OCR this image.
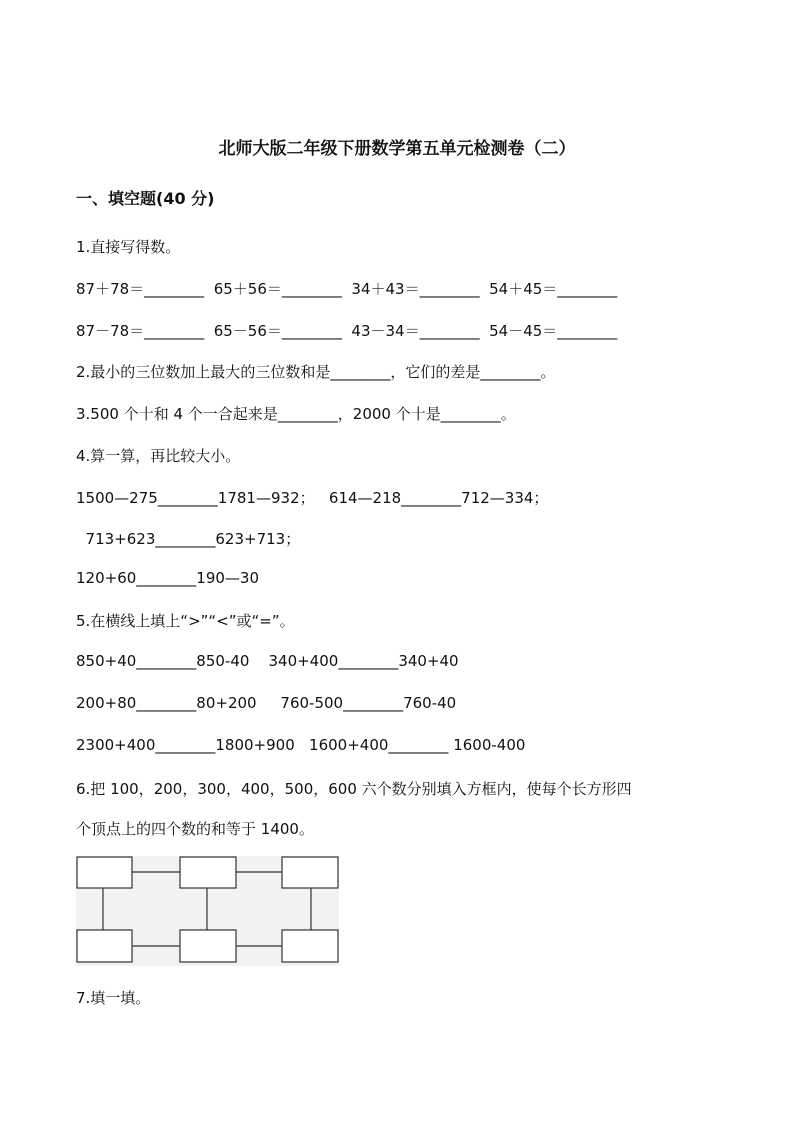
北师大版二年级下册数学第五单元检测卷（二）
一、填空题(40 分)
1.直接写得数。
87＋78＝________  65＋56＝________  34＋43＝________  54＋45＝________
87－78＝________  65－56＝________  43－34＝________  54－45＝________
2.最小的三位数加上最大的三位数和是________，它们的差是________。
3.500 个十和 4 个一合起来是________，2000 个十是________。
4.算一算，再比较大小。
1500—275________1781—932；   614—218________712—334；
713+623________623+713；
120+60________190—30
5.在横线上填上“>”“<”或“=”。
850+40________850-40    340+400________340+40
200+80________80+200     760-500________760-40
2300+400________1800+900   1600+400________ 1600-400
6.把 100，200，300，400，500，600 六个数分别填入方框内，使每个长方形四
个顶点上的四个数的和等于 1400。
7.填一填。
